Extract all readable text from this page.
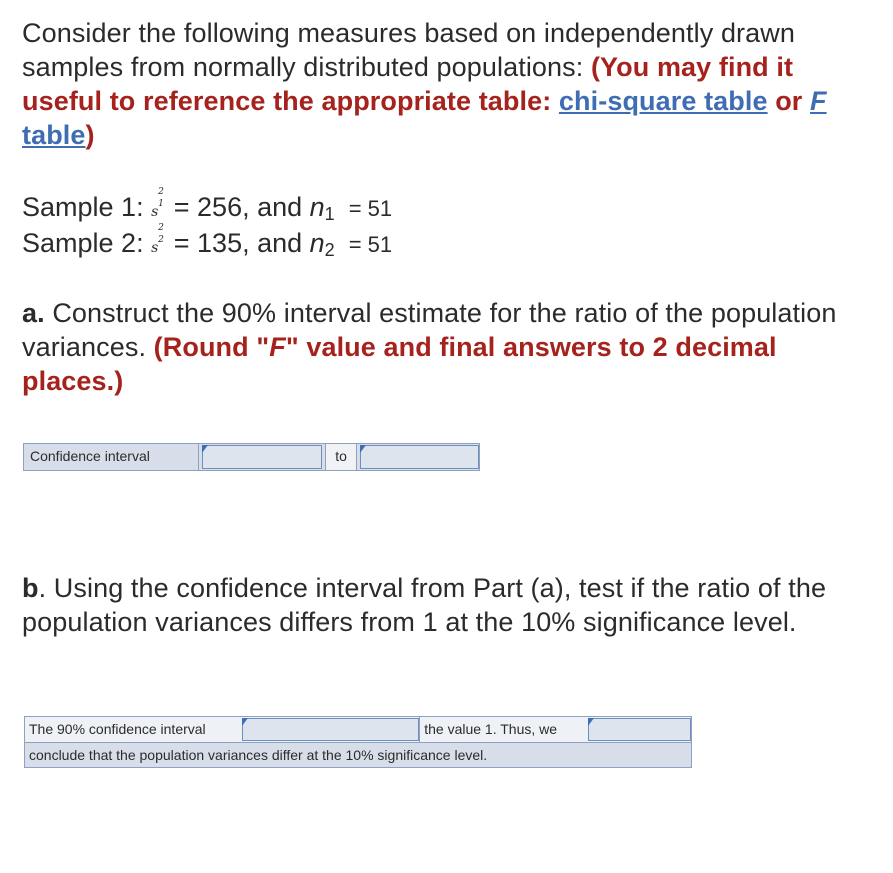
Consider the following measures based on independently drawn samples from normally distributed populations: (You may find it useful to reference the appropriate table: chi-square table or F table)

Sample 1: s
2
1 = 256, and n1 = 51
Sample 2: s
2
2 = 135, and n2 = 51

a. Construct the 90% interval estimate for the ratio of the population variances. (Round "F" value and final answers to 2 decimal places.)

Confidence interval	to

b. Using the confidence interval from Part (a), test if the ratio of the population variances differs from 1 at the 10% significance level.

The 90% confidence interval	the value 1. Thus, we
conclude that the population variances differ at the 10% significance level.
